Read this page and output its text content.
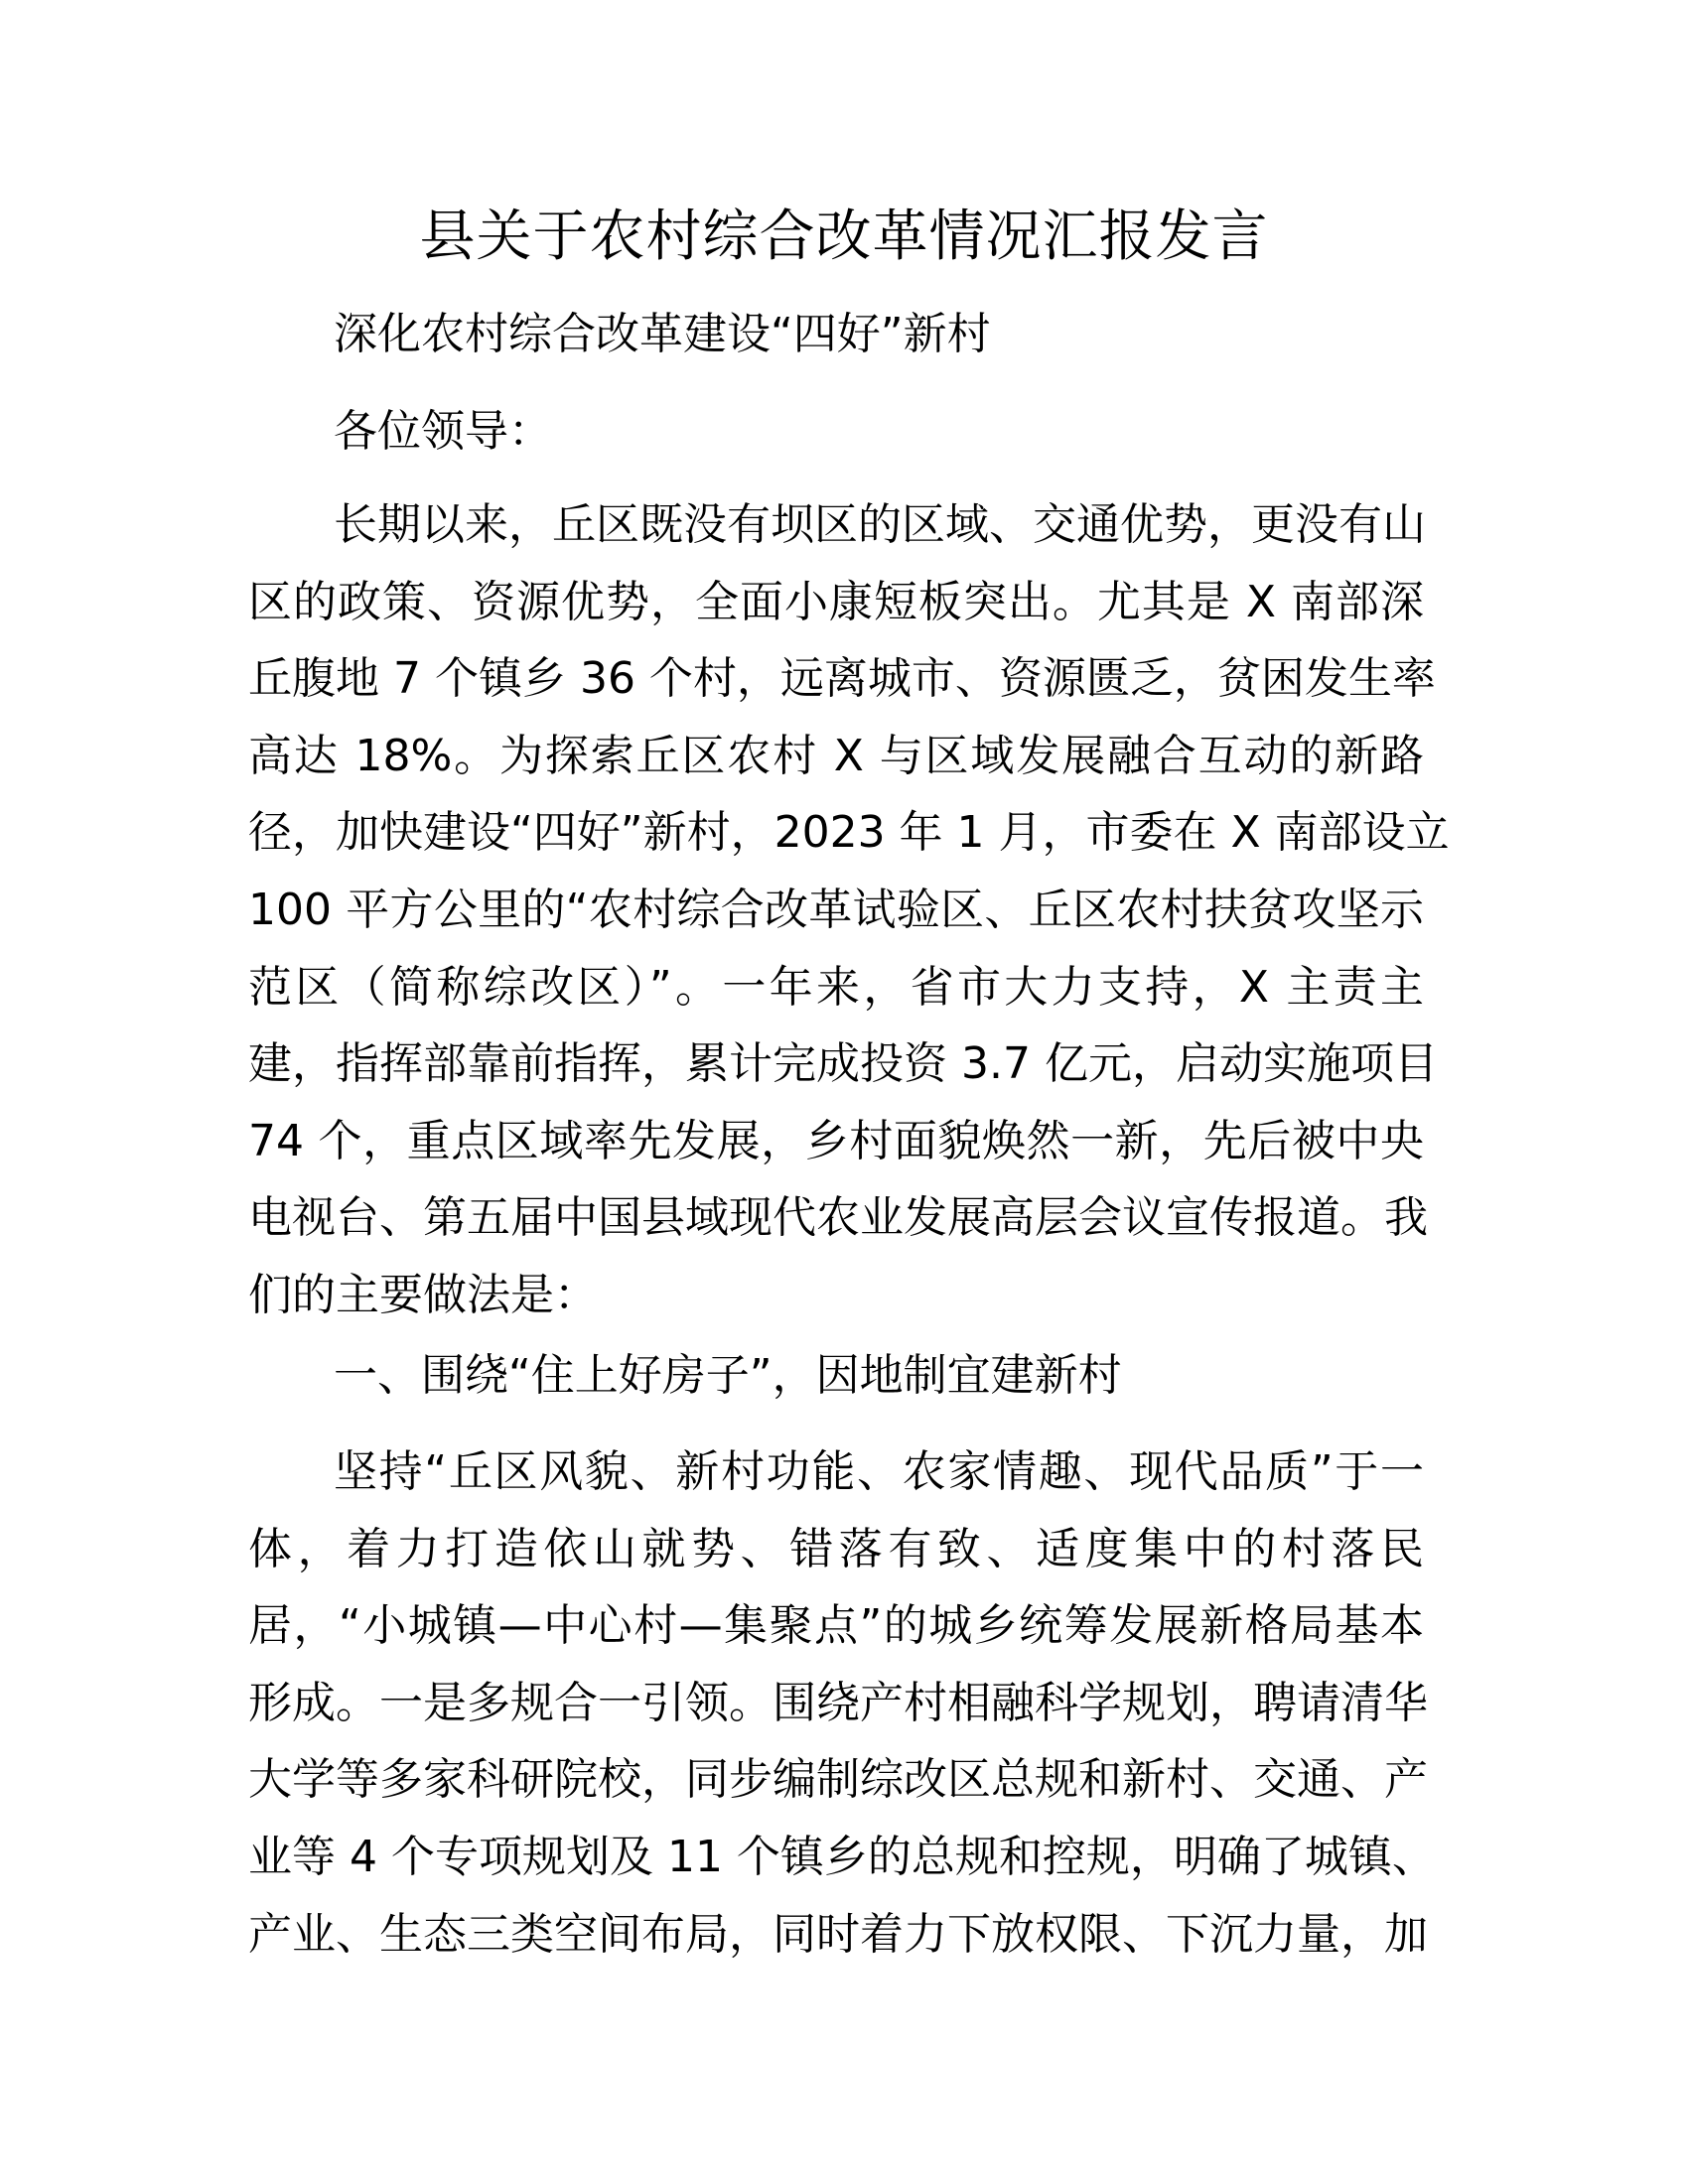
县关于农村综合改革情况汇报发言
深化农村综合改革建设“四好”新村
各位领导：
长期以来，丘区既没有坝区的区域、交通优势，更没有山
区的政策、资源优势，全面小康短板突出。尤其是 X 南部深
丘腹地 7 个镇乡 36 个村，远离城市、资源匮乏，贫困发生率
高达 18%。为探索丘区农村 X 与区域发展融合互动的新路
径，加快建设“四好”新村，2023 年 1 月，市委在 X 南部设立
100 平方公里的“农村综合改革试验区、丘区农村扶贫攻坚示
范区（简称综改区）”。一年来，省市大力支持，X 主责主
建，指挥部靠前指挥，累计完成投资 3.7 亿元，启动实施项目
74 个，重点区域率先发展，乡村面貌焕然一新，先后被中央
电视台、第五届中国县域现代农业发展高层会议宣传报道。我
们的主要做法是：
一、围绕“住上好房子”，因地制宜建新村
坚持“丘区风貌、新村功能、农家情趣、现代品质”于一
体，着力打造依山就势、错落有致、适度集中的村落民
居，“小城镇—中心村—集聚点”的城乡统筹发展新格局基本
形成。一是多规合一引领。围绕产村相融科学规划，聘请清华
大学等多家科研院校，同步编制综改区总规和新村、交通、产
业等 4 个专项规划及 11 个镇乡的总规和控规，明确了城镇、
产业、生态三类空间布局，同时着力下放权限、下沉力量，加
